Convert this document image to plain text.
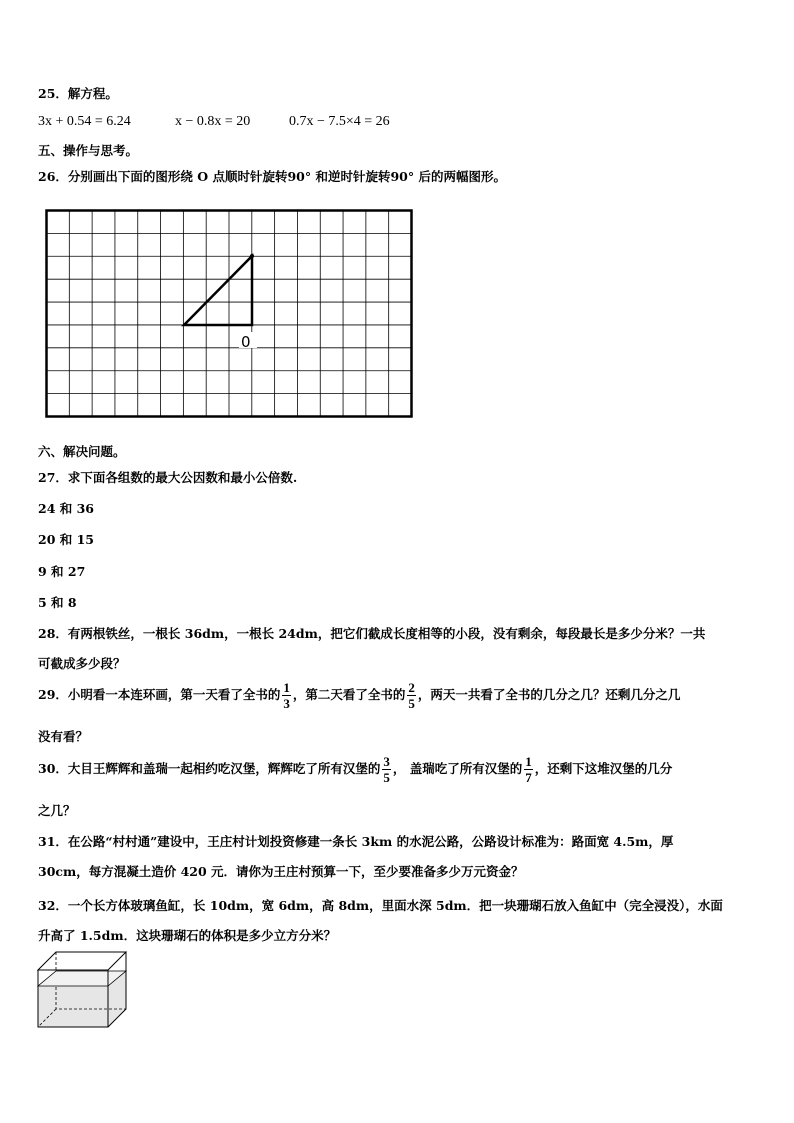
25．解方程。
3x + 0.54 = 6.24	x − 0.8x = 20	0.7x − 7.5×4 = 26
五、操作与思考。
26．分别画出下面的图形绕 O 点顺时针旋转90° 和逆时针旋转90° 后的两幅图形。
0
六、解决问题。
27．求下面各组数的最大公因数和最小公倍数.
24 和 36
20 和 15
9 和 27
5 和 8
28．有两根铁丝，一根长 36dm，一根长 24dm，把它们截成长度相等的小段，没有剩余，每段最长是多少分米？一共
可截成多少段？
29．小明看一本连环画，第一天看了全书的 $\frac{1}{3}$ ，第二天看了全书的 $\frac{2}{5}$ ，两天一共看了全书的几分之几？还剩几分之几
没有看？
30．大目王辉辉和盖瑞一起相约吃汉堡，辉辉吃了所有汉堡的 $\frac{3}{5}$ ， 盖瑞吃了所有汉堡的 $\frac{1}{7}$ ，还剩下这堆汉堡的几分
之几？
31．在公路“村村通”建设中，王庄村计划投资修建一条长 3km 的水泥公路，公路设计标准为：路面宽 4.5m，厚
30cm，每方混凝土造价 420 元．请你为王庄村预算一下，至少要准备多少万元资金？
32．一个长方体玻璃鱼缸，长 10dm，宽 6dm，高 8dm，里面水深 5dm．把一块珊瑚石放入鱼缸中（完全浸没），水面
升高了 1.5dm．这块珊瑚石的体积是多少立方分米？
